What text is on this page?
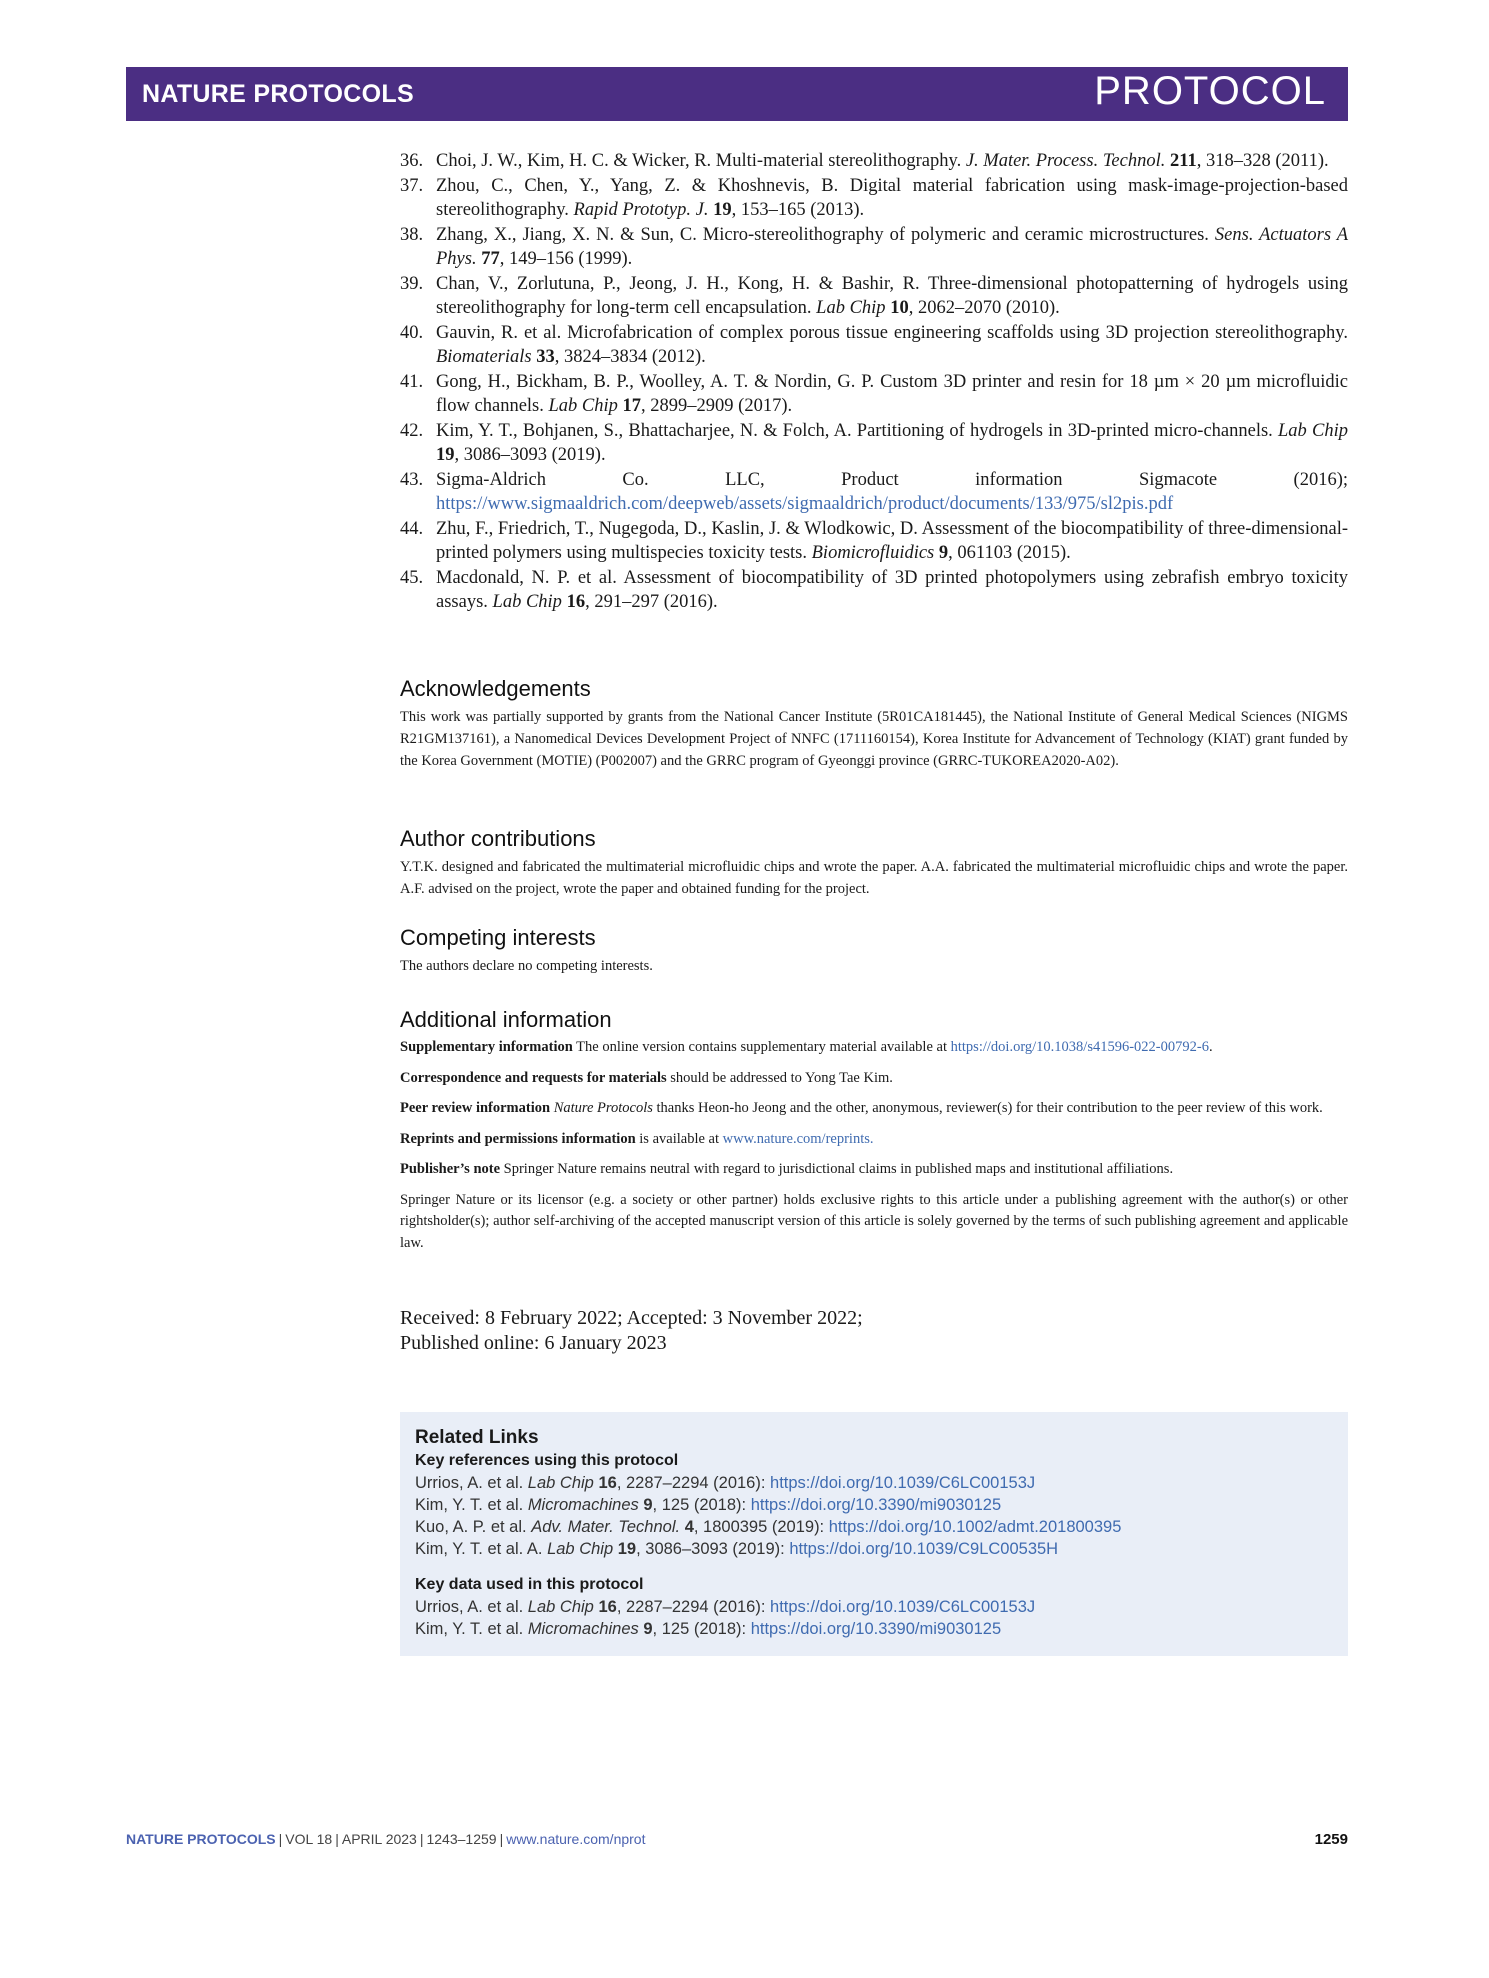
NATURE PROTOCOLS	PROTOCOL
36. Choi, J. W., Kim, H. C. & Wicker, R. Multi-material stereolithography. J. Mater. Process. Technol. 211, 318–328 (2011).
37. Zhou, C., Chen, Y., Yang, Z. & Khoshnevis, B. Digital material fabrication using mask-image-projection-based stereolithography. Rapid Prototyp. J. 19, 153–165 (2013).
38. Zhang, X., Jiang, X. N. & Sun, C. Micro-stereolithography of polymeric and ceramic microstructures. Sens. Actuators A Phys. 77, 149–156 (1999).
39. Chan, V., Zorlutuna, P., Jeong, J. H., Kong, H. & Bashir, R. Three-dimensional photopatterning of hydrogels using stereolithography for long-term cell encapsulation. Lab Chip 10, 2062–2070 (2010).
40. Gauvin, R. et al. Microfabrication of complex porous tissue engineering scaffolds using 3D projection stereolithography. Biomaterials 33, 3824–3834 (2012).
41. Gong, H., Bickham, B. P., Woolley, A. T. & Nordin, G. P. Custom 3D printer and resin for 18 µm × 20 µm microfluidic flow channels. Lab Chip 17, 2899–2909 (2017).
42. Kim, Y. T., Bohjanen, S., Bhattacharjee, N. & Folch, A. Partitioning of hydrogels in 3D-printed micro-channels. Lab Chip 19, 3086–3093 (2019).
43. Sigma-Aldrich Co. LLC, Product information Sigmacote (2016); https://www.sigmaaldrich.com/deepweb/assets/sigmaaldrich/product/documents/133/975/sl2pis.pdf
44. Zhu, F., Friedrich, T., Nugegoda, D., Kaslin, J. & Wlodkowic, D. Assessment of the biocompatibility of three-dimensional-printed polymers using multispecies toxicity tests. Biomicrofluidics 9, 061103 (2015).
45. Macdonald, N. P. et al. Assessment of biocompatibility of 3D printed photopolymers using zebrafish embryo toxicity assays. Lab Chip 16, 291–297 (2016).
Acknowledgements

This work was partially supported by grants from the National Cancer Institute (5R01CA181445), the National Institute of General Medical Sciences (NIGMS R21GM137161), a Nanomedical Devices Development Project of NNFC (1711160154), Korea Institute for Advancement of Technology (KIAT) grant funded by the Korea Government (MOTIE) (P002007) and the GRRC program of Gyeonggi province (GRRC-TUKOREA2020-A02).

Author contributions

Y.T.K. designed and fabricated the multimaterial microfluidic chips and wrote the paper. A.A. fabricated the multimaterial microfluidic chips and wrote the paper. A.F. advised on the project, wrote the paper and obtained funding for the project.

Competing interests

The authors declare no competing interests.

Additional information

Supplementary information The online version contains supplementary material available at https://doi.org/10.1038/s41596-022-00792-6.

Correspondence and requests for materials should be addressed to Yong Tae Kim.

Peer review information Nature Protocols thanks Heon-ho Jeong and the other, anonymous, reviewer(s) for their contribution to the peer review of this work.

Reprints and permissions information is available at www.nature.com/reprints.

Publisher’s note Springer Nature remains neutral with regard to jurisdictional claims in published maps and institutional affiliations.

Springer Nature or its licensor (e.g. a society or other partner) holds exclusive rights to this article under a publishing agreement with the author(s) or other rightsholder(s); author self-archiving of the accepted manuscript version of this article is solely governed by the terms of such publishing agreement and applicable law.

Received: 8 February 2022; Accepted: 3 November 2022;
Published online: 6 January 2023
Related Links
Key references using this protocol
Urrios, A. et al. Lab Chip 16, 2287–2294 (2016): https://doi.org/10.1039/C6LC00153J
Kim, Y. T. et al. Micromachines 9, 125 (2018): https://doi.org/10.3390/mi9030125
Kuo, A. P. et al. Adv. Mater. Technol. 4, 1800395 (2019): https://doi.org/10.1002/admt.201800395
Kim, Y. T. et al. A. Lab Chip 19, 3086–3093 (2019): https://doi.org/10.1039/C9LC00535H
Key data used in this protocol
Urrios, A. et al. Lab Chip 16, 2287–2294 (2016): https://doi.org/10.1039/C6LC00153J
Kim, Y. T. et al. Micromachines 9, 125 (2018): https://doi.org/10.3390/mi9030125
NATURE PROTOCOLS | VOL 18 | APRIL 2023 | 1243–1259 | www.nature.com/nprot	1259
